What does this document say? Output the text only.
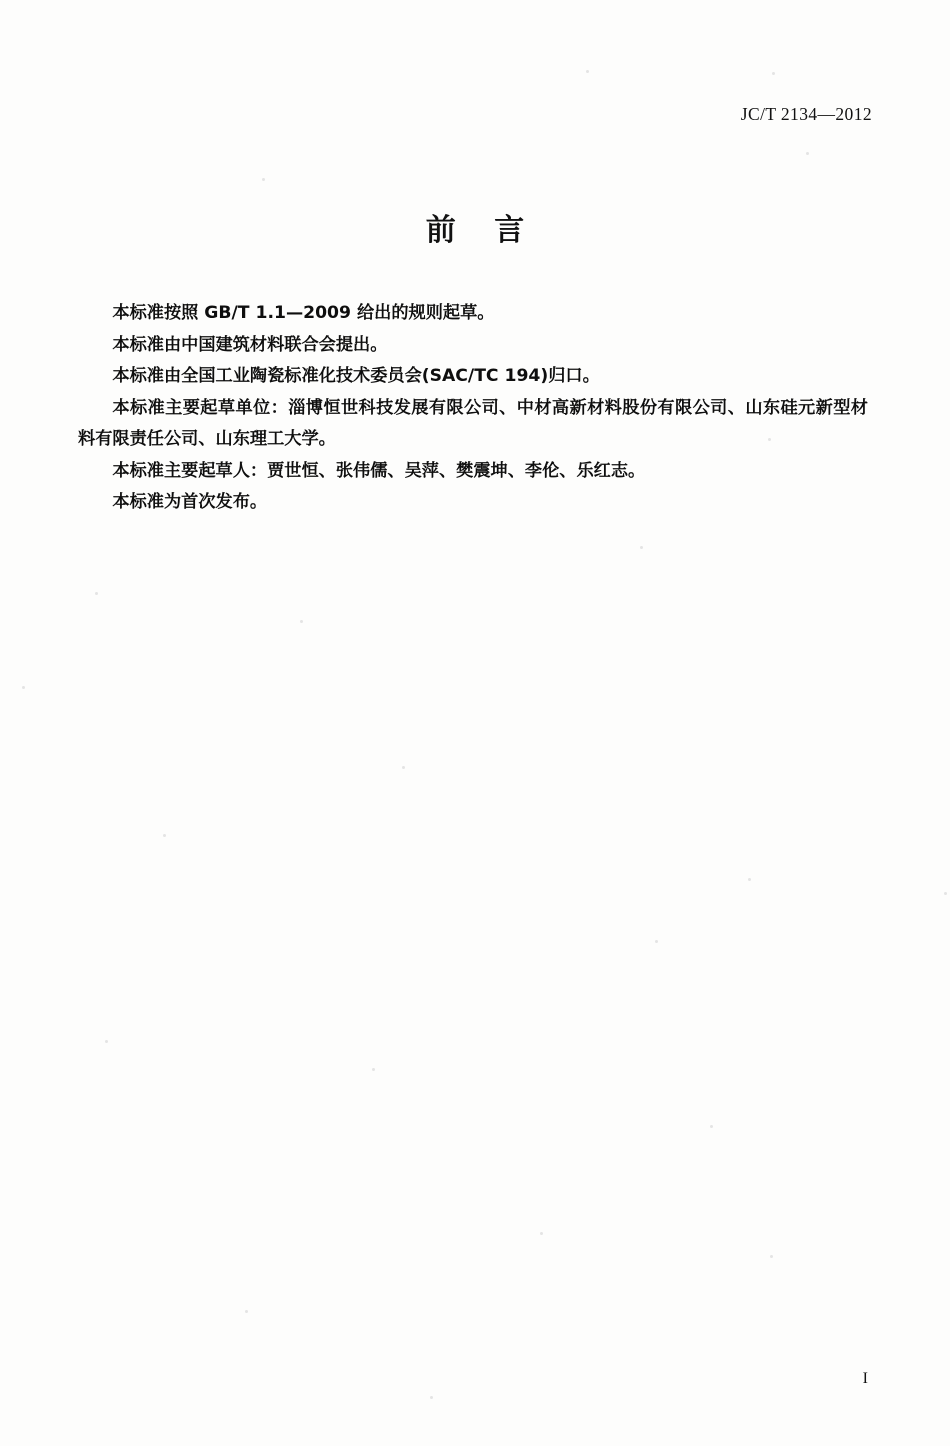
JC/T 2134—2012
前 言

本标准按照 GB/T 1.1—2009 给出的规则起草。

本标准由中国建筑材料联合会提出。

本标准由全国工业陶瓷标准化技术委员会(SAC/TC 194)归口。

本标准主要起草单位：淄博恒世科技发展有限公司、中材高新材料股份有限公司、山东硅元新型材料有限责任公司、山东理工大学。

本标准主要起草人：贾世恒、张伟儒、吴萍、樊震坤、李伦、乐红志。

本标准为首次发布。

I
